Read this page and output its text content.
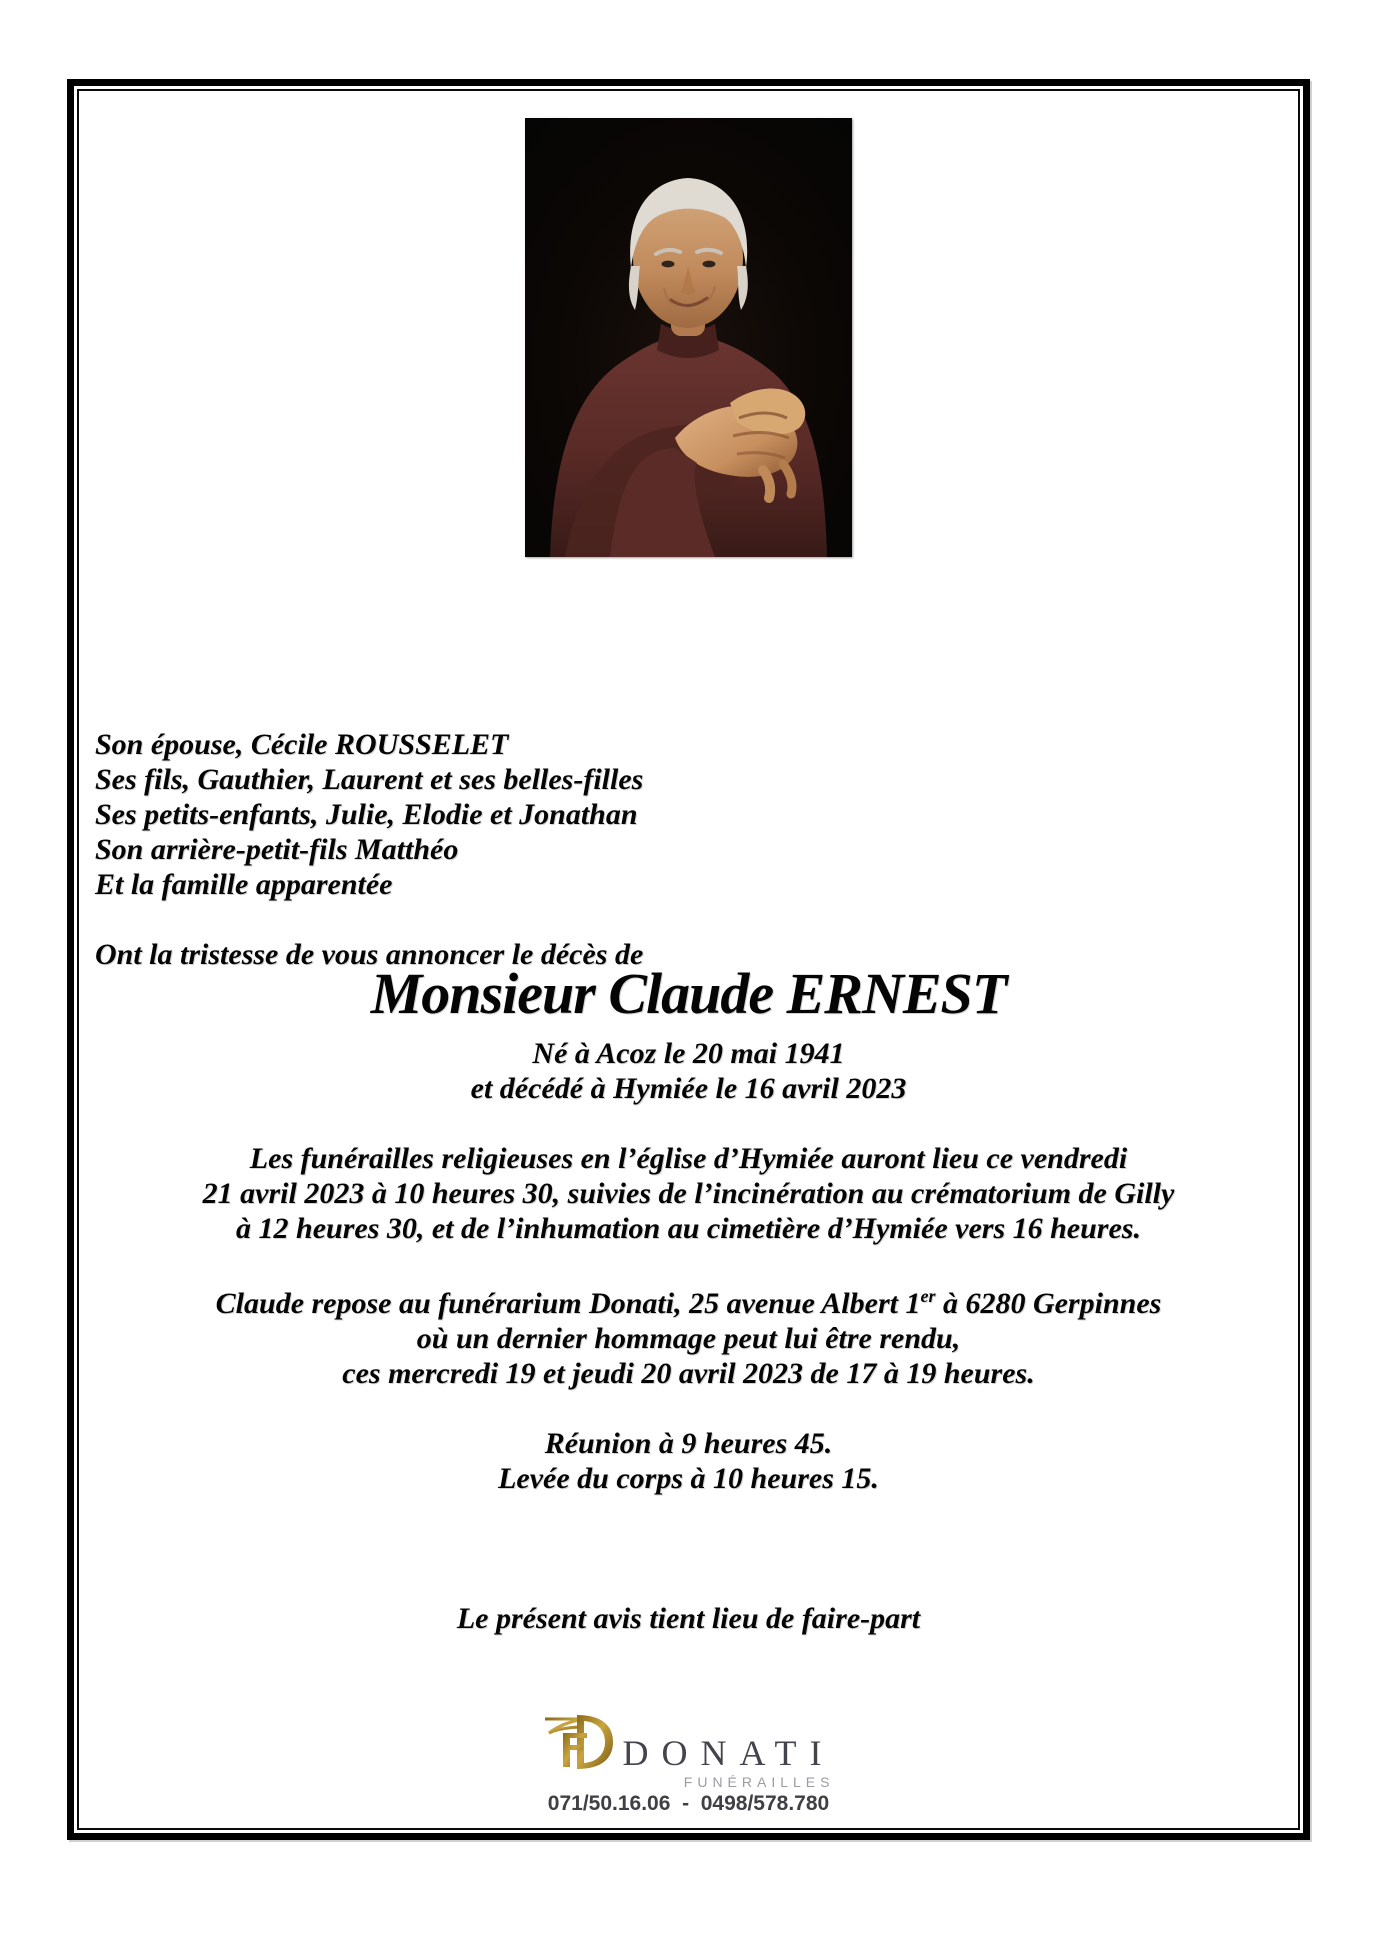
Son épouse, Cécile ROUSSELET
Ses fils, Gauthier, Laurent et ses belles-filles
Ses petits-enfants, Julie, Elodie et Jonathan
Son arrière-petit-fils Matthéo
Et la famille apparentée
Ont la tristesse de vous annoncer le décès de
Monsieur Claude ERNEST
Né à Acoz le 20 mai 1941
et décédé à Hymiée le 16 avril 2023
Les funérailles religieuses en l’église d’Hymiée auront lieu ce vendredi
21 avril 2023 à 10 heures 30, suivies de l’incinération au crématorium de Gilly
à 12 heures 30, et de l’inhumation au cimetière d’Hymiée vers 16 heures.
Claude repose au funérarium Donati, 25 avenue Albert 1er à 6280 Gerpinnes
où un dernier hommage peut lui être rendu,
ces mercredi 19 et jeudi 20 avril 2023 de 17 à 19 heures.
Réunion à 9 heures 45.
Levée du corps à 10 heures 15.
Le présent avis tient lieu de faire-part
DONATI
FUNÉRAILLES
071/50.16.06  -  0498/578.780
